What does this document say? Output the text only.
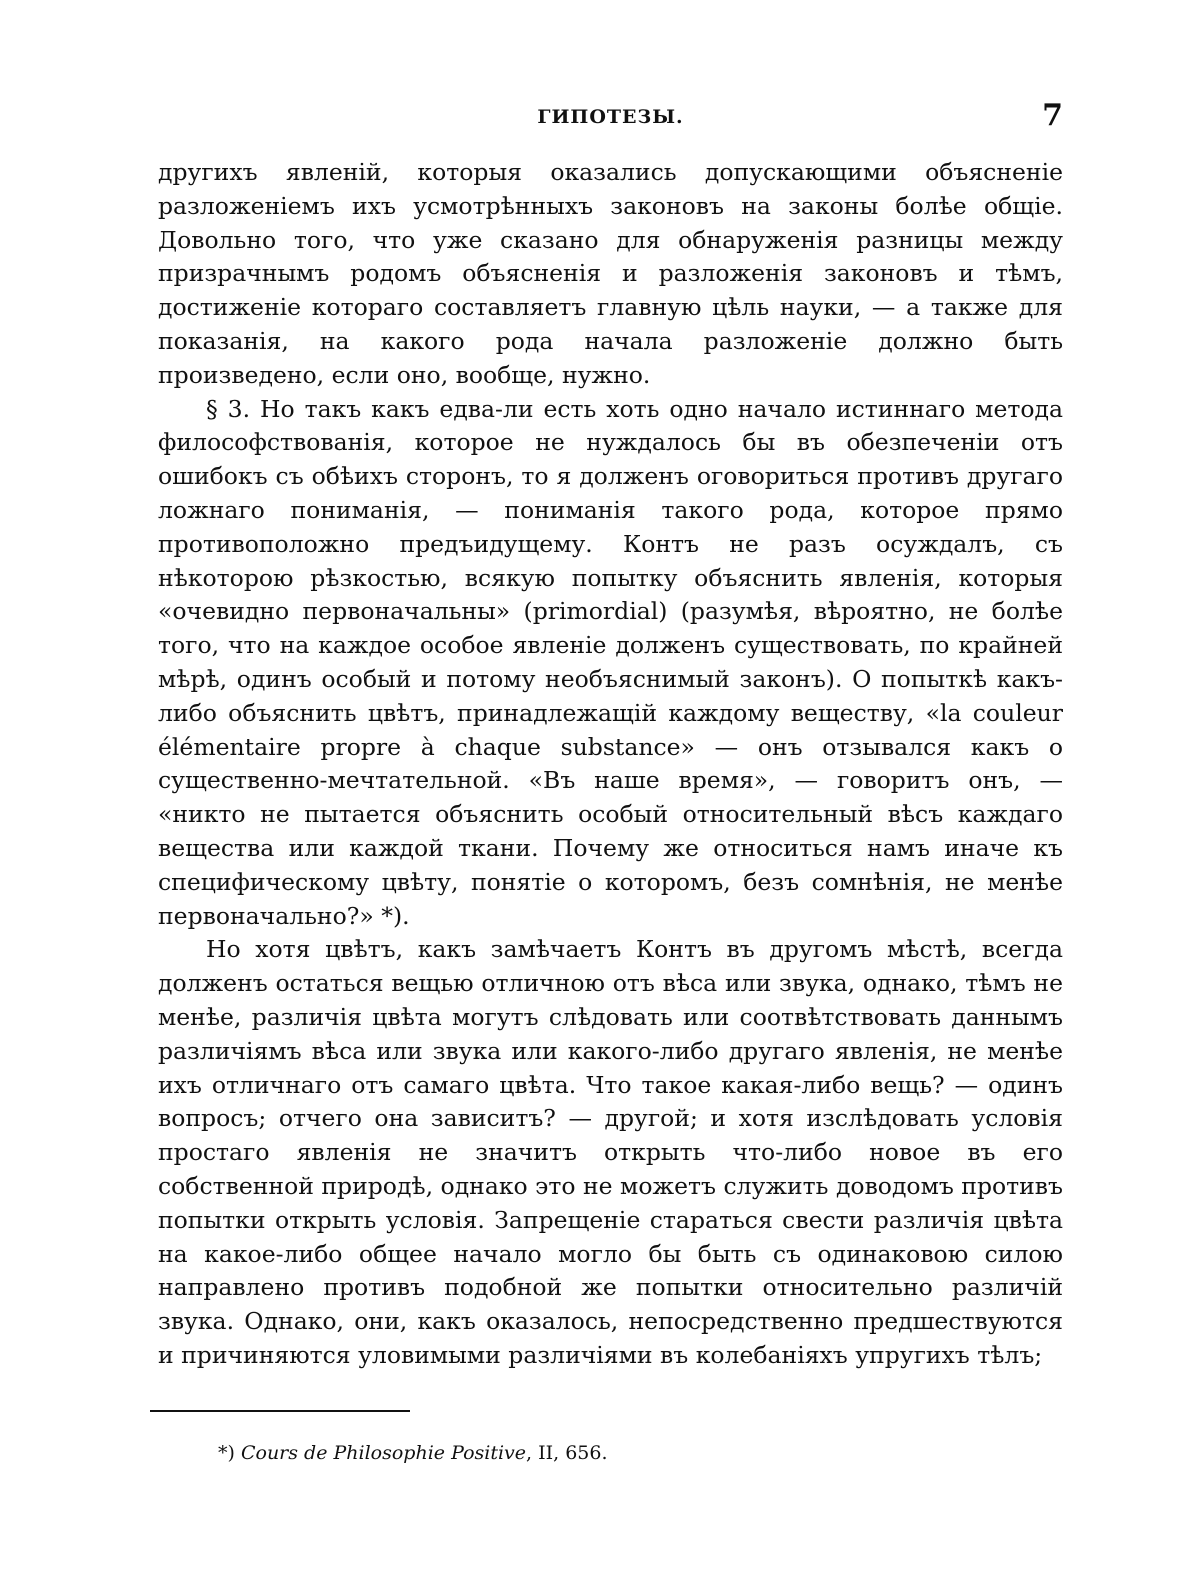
ГИПОТЕЗЫ.	7

другихъ явленій, которыя оказались допускающими объясненіе разложеніемъ ихъ усмотрѣнныхъ законовъ на законы болѣе общіе. Довольно того, что уже сказано для обнаруженія разницы между призрачнымъ родомъ объясненія и разложенія законовъ и тѣмъ, достиженіе котораго составляетъ главную цѣль науки, — а также для показанія, на какого рода начала разложеніе должно быть произведено, если оно, вообще, нужно.

§ 3. Но такъ какъ едва-ли есть хоть одно начало истиннаго метода философствованія, которое не нуждалось бы въ обезпеченіи отъ ошибокъ съ обѣихъ сторонъ, то я долженъ оговориться противъ другаго ложнаго пониманія, — пониманія такого рода, которое прямо противоположно предъидущему. Контъ не разъ осуждалъ, съ нѣкоторою рѣзкостью, всякую попытку объяснить явленія, которыя «очевидно первоначальны» (primordial) (разумѣя, вѣроятно, не болѣе того, что на каждое особое явленіе долженъ существовать, по крайней мѣрѣ, одинъ особый и потому необъяснимый законъ). О попыткѣ какъ-либо объяснить цвѣтъ, принадлежащій каждому веществу, «la couleur élémentaire propre à chaque substance» — онъ отзывался какъ о существенно-мечтательной. «Въ наше время», — говоритъ онъ, — «никто не пытается объяснить особый относительный вѣсъ каждаго вещества или каждой ткани. Почему же относиться намъ иначе къ специфическому цвѣту, понятіе о которомъ, безъ сомнѣнія, не менѣе первоначально?» *).

Но хотя цвѣтъ, какъ замѣчаетъ Контъ въ другомъ мѣстѣ, всегда долженъ остаться вещью отличною отъ вѣса или звука, однако, тѣмъ не менѣе, различія цвѣта могутъ слѣдовать или соотвѣтствовать даннымъ различіямъ вѣса или звука или какого-либо другаго явленія, не менѣе ихъ отличнаго отъ самаго цвѣта. Что такое какая-либо вещь? — одинъ вопросъ; отчего она зависитъ? — другой; и хотя изслѣдовать условія простаго явленія не значитъ открыть что-либо новое въ его собственной природѣ, однако это не можетъ служить доводомъ противъ попытки открыть условія. Запрещеніе стараться свести различія цвѣта на какое-либо общее начало могло бы быть съ одинаковою силою направлено противъ подобной же попытки относительно различій звука. Однако, они, какъ оказалось, непосредственно предшествуются и причиняются уловимыми различіями въ колебаніяхъ упругихъ тѣлъ;

*) Cours de Philosophie Positive, II, 656.
